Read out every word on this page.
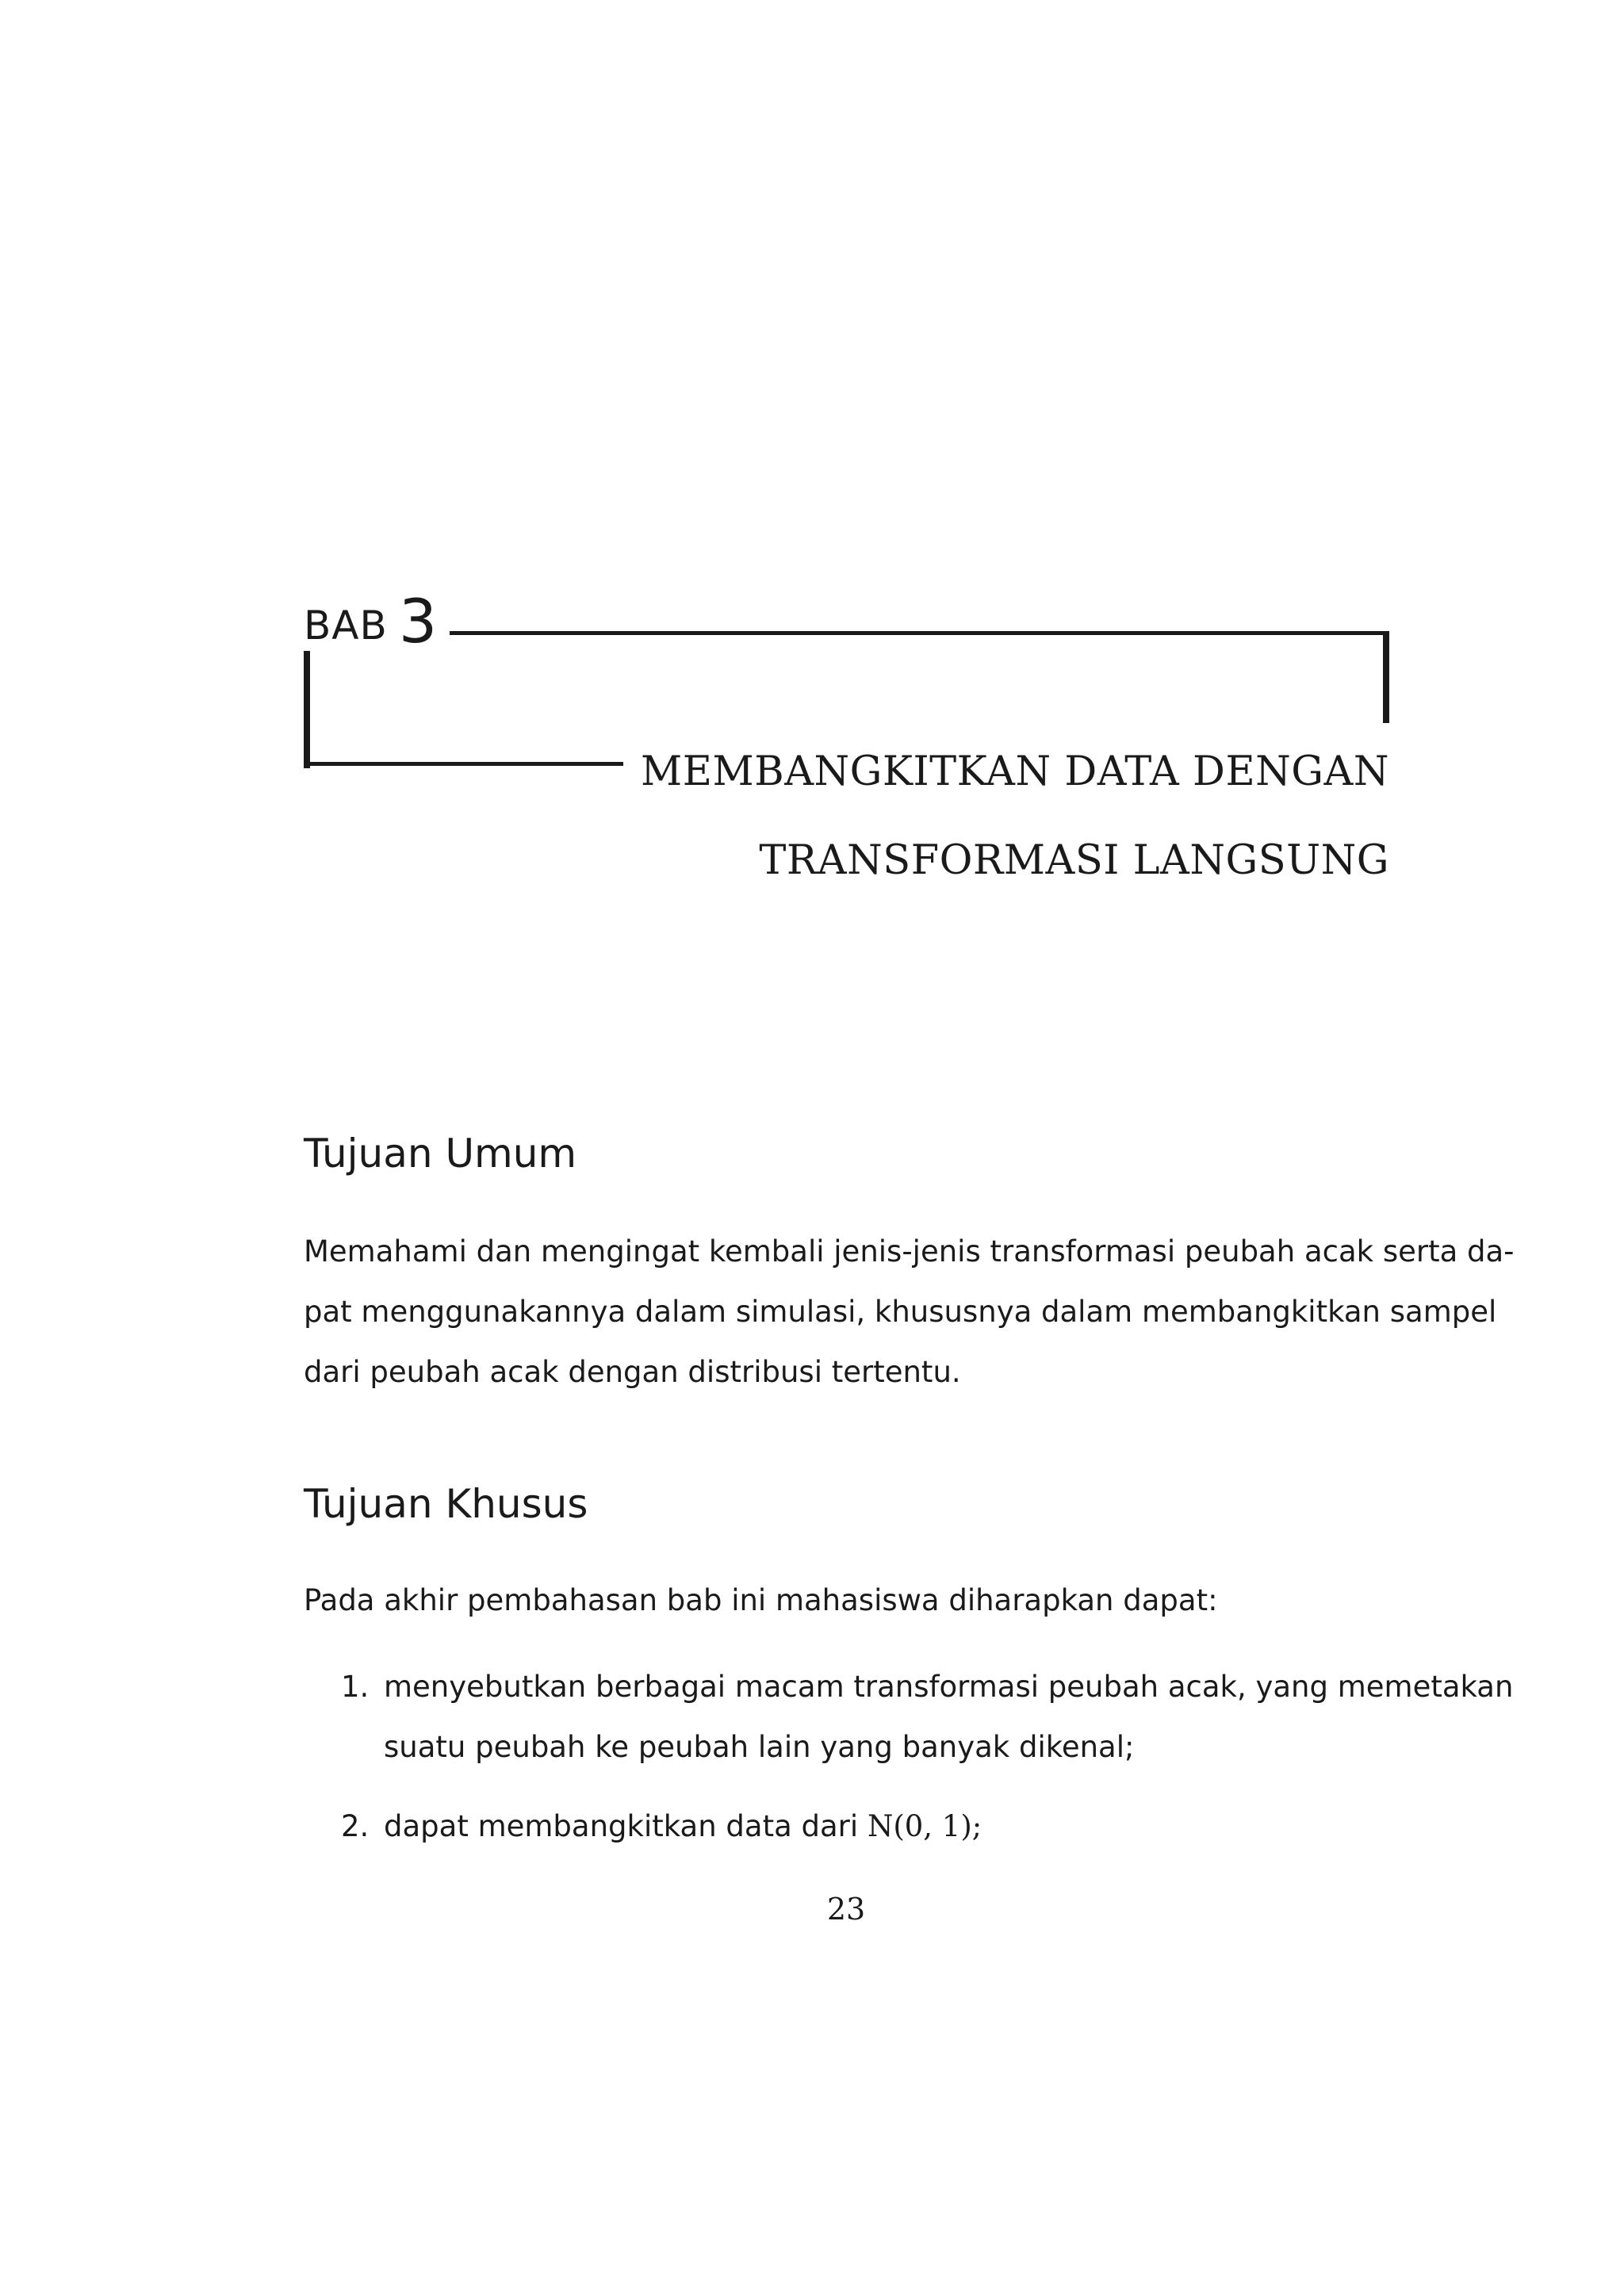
BAB 3
MEMBANGKITKAN DATA DENGAN
TRANSFORMASI LANGSUNG
Tujuan Umum

Memahami dan mengingat kembali jenis-jenis transformasi peubah acak serta da-
pat menggunakannya dalam simulasi, khususnya dalam membangkitkan sampel
dari peubah acak dengan distribusi tertentu.

Tujuan Khusus

Pada akhir pembahasan bab ini mahasiswa diharapkan dapat:

1. menyebutkan berbagai macam transformasi peubah acak, yang memetakan
suatu peubah ke peubah lain yang banyak dikenal;
2. dapat membangkitkan data dari N(0, 1);
23
